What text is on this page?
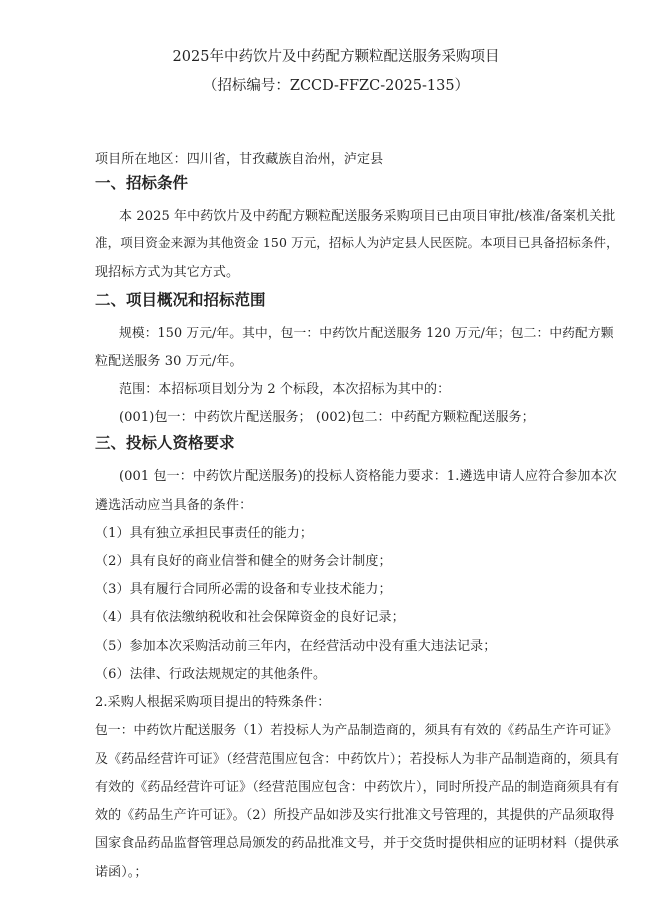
2025年中药饮片及中药配方颗粒配送服务采购项目
（招标编号：ZCCD-FFZC-2025-135）
项目所在地区：四川省，甘孜藏族自治州，泸定县
一、招标条件
本 2025 年中药饮片及中药配方颗粒配送服务采购项目已由项目审批/核准/备案机关批
准，项目资金来源为其他资金 150 万元，招标人为泸定县人民医院。本项目已具备招标条件，
现招标方式为其它方式。
二、项目概况和招标范围
规模：150 万元/年。其中，包一：中药饮片配送服务 120 万元/年；包二：中药配方颗
粒配送服务 30 万元/年。
范围：本招标项目划分为 2 个标段，本次招标为其中的：
(001)包一：中药饮片配送服务； (002)包二：中药配方颗粒配送服务；
三、投标人资格要求
(001 包一：中药饮片配送服务)的投标人资格能力要求：1.遴选申请人应符合参加本次
遴选活动应当具备的条件：
（1）具有独立承担民事责任的能力；
（2）具有良好的商业信誉和健全的财务会计制度；
（3）具有履行合同所必需的设备和专业技术能力；
（4）具有依法缴纳税收和社会保障资金的良好记录；
（5）参加本次采购活动前三年内，在经营活动中没有重大违法记录；
（6）法律、行政法规规定的其他条件。
2.采购人根据采购项目提出的特殊条件：
包一：中药饮片配送服务（1）若投标人为产品制造商的，须具有有效的《药品生产许可证》
及《药品经营许可证》（经营范围应包含：中药饮片）；若投标人为非产品制造商的，须具有
有效的《药品经营许可证》（经营范围应包含：中药饮片），同时所投产品的制造商须具有有
效的《药品生产许可证》。（2）所投产品如涉及实行批准文号管理的，其提供的产品须取得
国家食品药品监督管理总局颁发的药品批准文号，并于交货时提供相应的证明材料（提供承
诺函）。；
